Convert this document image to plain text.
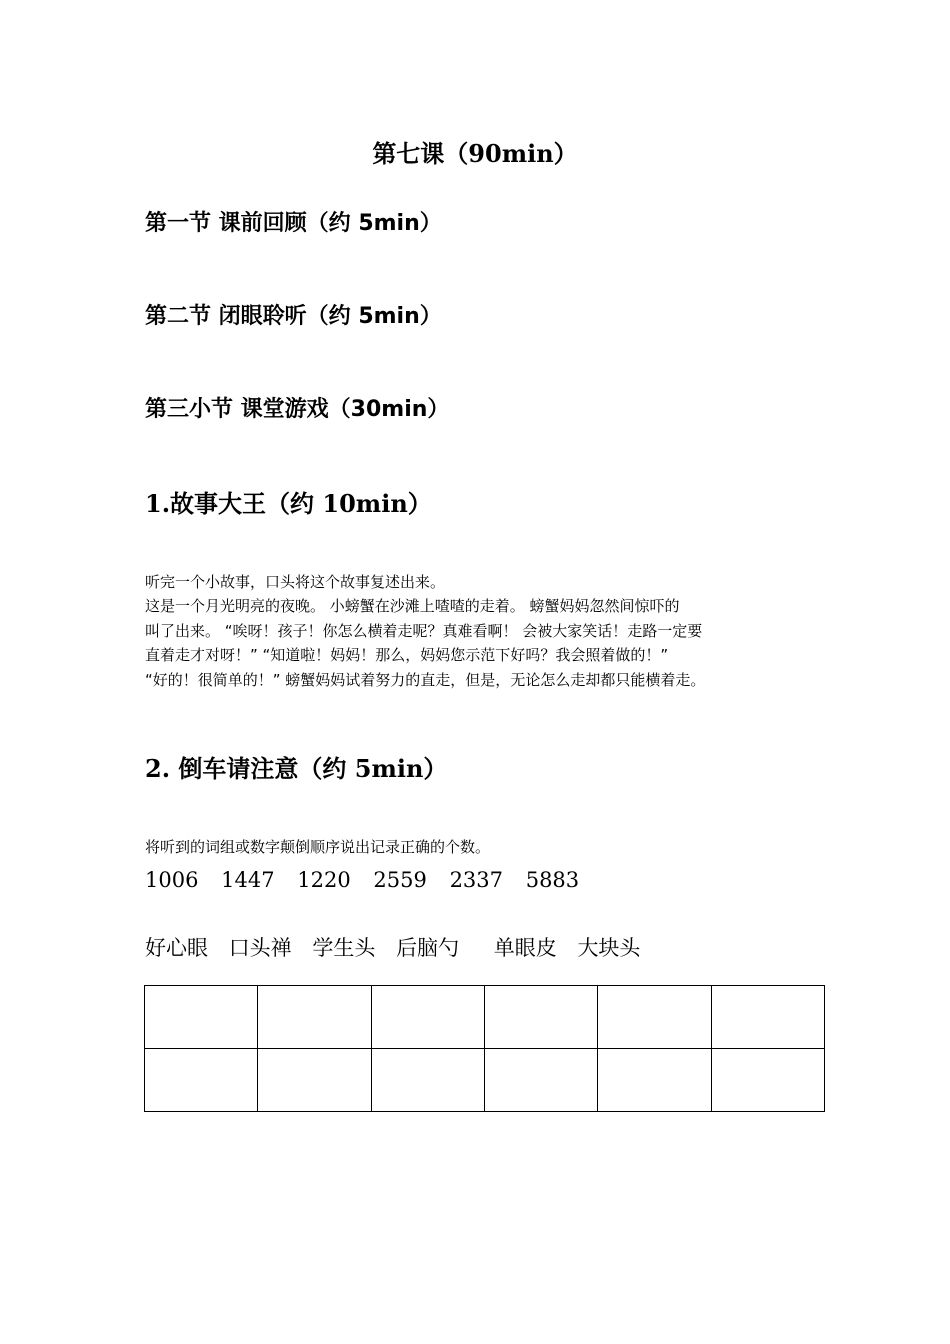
第七课（90min）
第一节 课前回顾（约 5min）
第二节 闭眼聆听（约 5min）
第三小节 课堂游戏（30min）
1.故事大王（约 10min）
听完一个小故事，口头将这个故事复述出来。
这是一个月光明亮的夜晚。 小螃蟹在沙滩上喳喳的走着。 螃蟹妈妈忽然间惊吓的
叫了出来。 “唉呀！孩子！你怎么横着走呢？真难看啊！ 会被大家笑话！走路一定要
直着走才对呀！” “知道啦！妈妈！那么，妈妈您示范下好吗？我会照着做的！”
“好的！很简单的！” 螃蟹妈妈试着努力的直走，但是，无论怎么走却都只能横着走。
2. 倒车请注意（约 5min）
将听到的词组或数字颠倒顺序说出记录正确的个数。
1006 1447 1220 2559 2337 5883
好心眼 口头禅 学生头 后脑勺 单眼皮 大块头
